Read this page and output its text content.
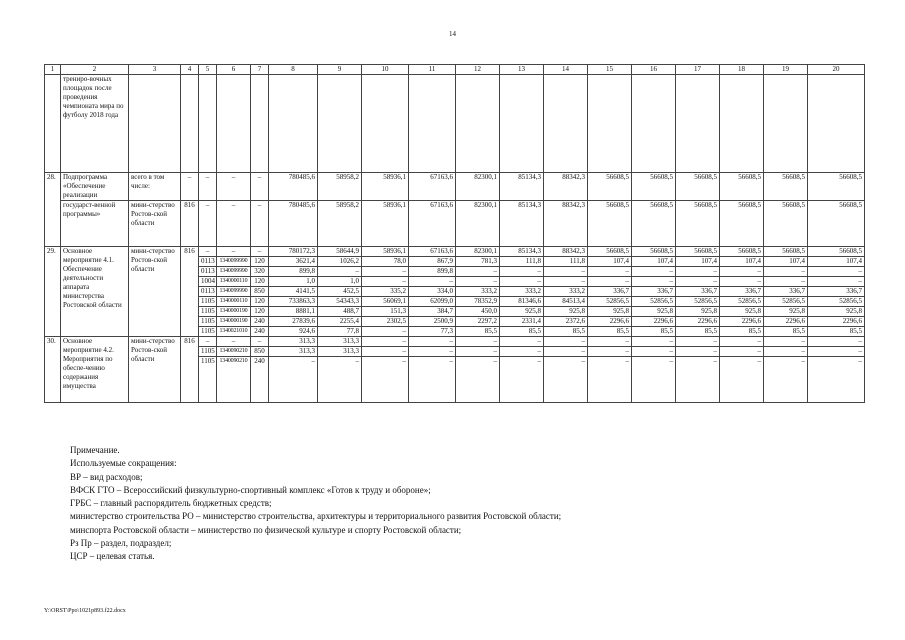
14
1	2	3	4	5	6	7	8	9	10	11	12	13	14	15	16	17	18	19	20
	трениро-вочных площадок после проведения чемпионата мира по футболу 2018 года																		
28.	Подпрограмма «Обеспечение реализации	всего в том числе:	–	–	–	–	780485,6	58958,2	58936,1	67163,6	82300,1	85134,3	88342,3	56608,5	56608,5	56608,5	56608,5	56608,5	56608,5
	государст-венной программы»	мини-стерство Ростов-ской области	816	–	–	–	780485,6	58958,2	58936,1	67163,6	82300,1	85134,3	88342,3	56608,5	56608,5	56608,5	56608,5	56608,5	56608,5
29.	Основное мероприятие 4.1. Обеспечение деятельности аппарата министерства Ростовской области	мини-стерство Ростов-ской области	816	–	–	–	780172,3	58644,9	58936,1	67163,6	82300,1	85134,3	88342,3	56608,5	56608,5	56608,5	56608,5	56608,5	56608,5
				0113	1340099990	120	3621,4	1026,2	78,0	867,9	781,3	111,8	111,8	107,4	107,4	107,4	107,4	107,4	107,4
				0113	1340099990	320	899,8	–	–	899,8	–	–	–	–	–	–	–	–	–
				1004	1340000110	120	1,0	1,0	–	–	–	–	–	–	–	–	–	–	–
				0113	1340099990	850	4141,5	452,5	335,2	334,0	333,2	333,2	333,2	336,7	336,7	336,7	336,7	336,7	336,7
				1105	1340000110	120	733863,3	54343,3	56069,1	62099,0	78352,9	81346,6	84513,4	52856,5	52856,5	52856,5	52856,5	52856,5	52856,5
				1105	1340000190	120	8881,1	488,7	151,3	384,7	450,0	925,8	925,8	925,8	925,8	925,8	925,8	925,8	925,8
				1105	1340000190	240	27839,6	2255,4	2302,5	2500,9	2297,2	2331,4	2372,6	2296,6	2296,6	2296,6	2296,6	2296,6	2296,6
				1105	1340021010	240	924,6	77,8	–	77,3	85,5	85,5	85,5	85,5	85,5	85,5	85,5	85,5	85,5
30.	Основное мероприятие 4.2. Мероприятия по обеспе-чению содержания имущества	мини-стерство Ростов-ской области	816	–	–	–	313,3	313,3	–	–	–	–	–	–	–	–	–	–	–
				1105	1340090210	850	313,3	313,3	–	–	–	–	–	–	–	–	–	–	–
				1105	1340090210	240	–	–	–	–	–	–	–	–	–	–	–	–	–
Примечание.
Используемые сокращения:
ВР – вид расходов;
ВФСК ГТО – Всероссийский физкультурно-спортивный комплекс «Готов к труду и обороне»;
ГРБС – главный распорядитель бюджетных средств;
министерство строительства РО – министерство строительства, архитектуры и территориального развития Ростовской области;
минспорта Ростовской области – министерство по физической культуре и спорту Ростовской области;
Рз Пр – раздел, подраздел;
ЦСР – целевая статья.
Y:\ORST\Ppo\1021p893.f22.docx
